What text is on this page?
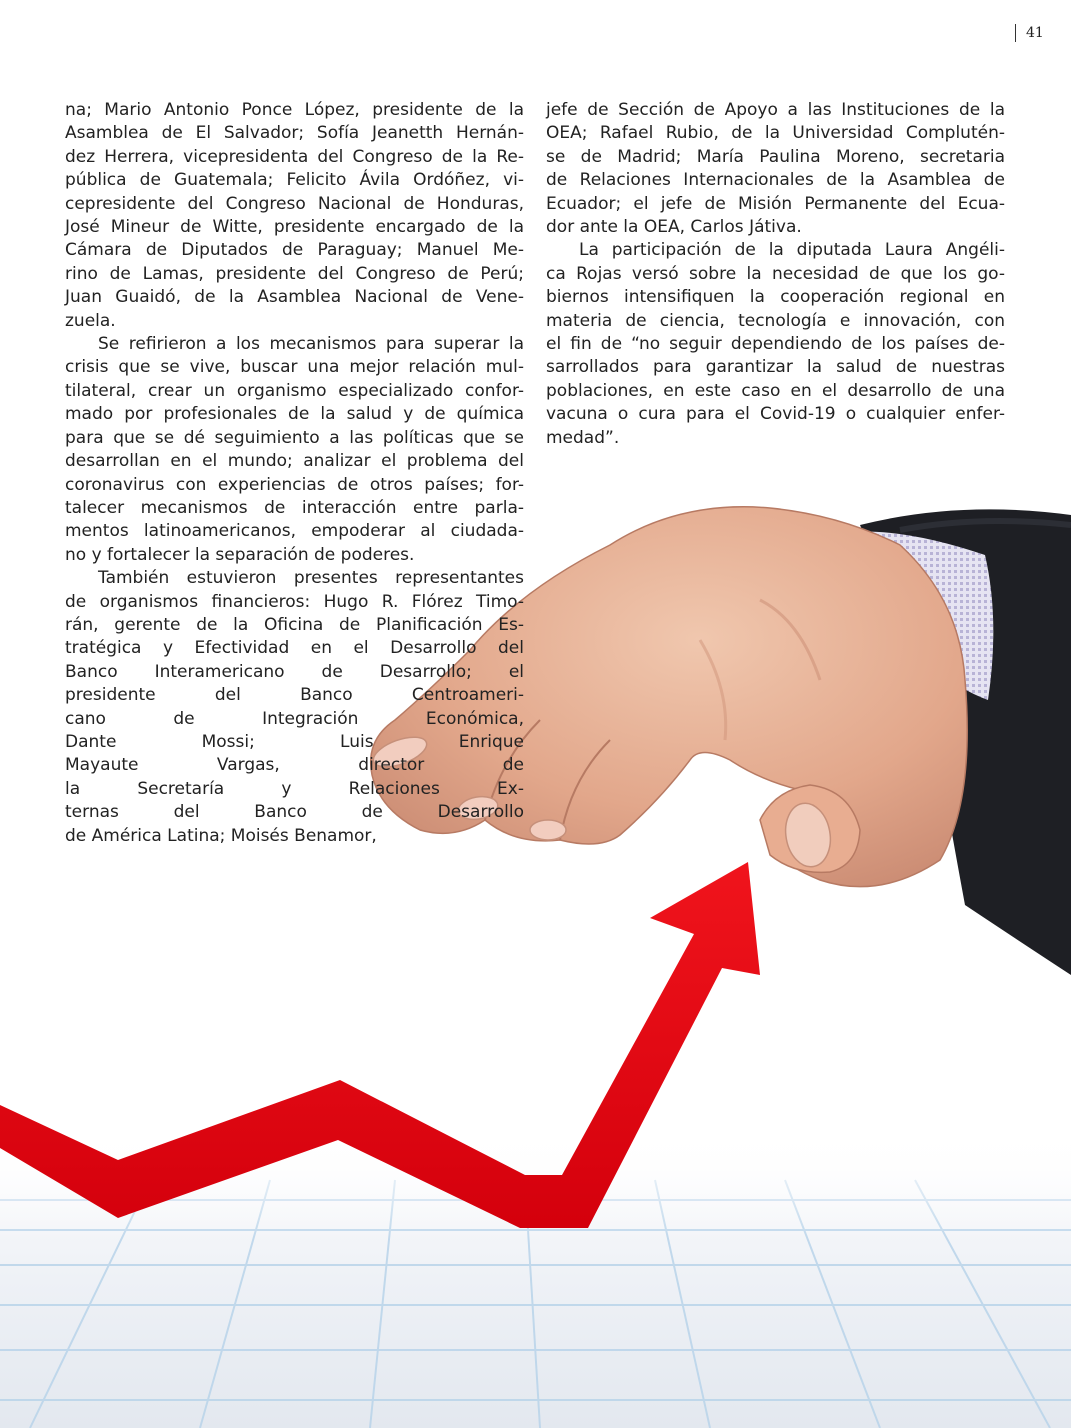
41
na; Mario Antonio Ponce López, presidente de la
Asamblea de El Salvador; Sofía Jeanetth Hernán-
dez Herrera, vicepresidenta del Congreso de la Re-
pública de Guatemala; Felicito Ávila Ordóñez, vi-
cepresidente del Congreso Nacional de Honduras,
José Mineur de Witte, presidente encargado de la
Cámara de Diputados de Paraguay; Manuel Me-
rino de Lamas, presidente del Congreso de Perú;
Juan Guaidó, de la Asamblea Nacional de Vene-
zuela.
Se refirieron a los mecanismos para superar la
crisis que se vive, buscar una mejor relación mul-
tilateral, crear un organismo especializado confor-
mado por profesionales de la salud y de química
para que se dé seguimiento a las políticas que se
desarrollan en el mundo; analizar el problema del
coronavirus con experiencias de otros países; for-
talecer mecanismos de interacción entre parla-
mentos latinoamericanos, empoderar al ciudada-
no y fortalecer la separación de poderes.
También estuvieron presentes representantes
de organismos financieros: Hugo R. Flórez Timo-
rán, gerente de la Oficina de Planificación Es-
tratégica y Efectividad en el Desarrollo del
Banco Interamericano de Desarrollo; el
presidente del Banco Centroameri-
cano de Integración Económica,
Dante Mossi; Luis Enrique
Mayaute Vargas, director de
la Secretaría y Relaciones Ex-
ternas del Banco de Desarrollo
de América Latina; Moisés Benamor,
jefe de Sección de Apoyo a las Instituciones de la
OEA; Rafael Rubio, de la Universidad Complutén-
se de Madrid; María Paulina Moreno, secretaria
de Relaciones Internacionales de la Asamblea de
Ecuador; el jefe de Misión Permanente del Ecua-
dor ante la OEA, Carlos Játiva.
La participación de la diputada Laura Angéli-
ca Rojas versó sobre la necesidad de que los go-
biernos intensifiquen la cooperación regional en
materia de ciencia, tecnología e innovación, con
el fin de “no seguir dependiendo de los países de-
sarrollados para garantizar la salud de nuestras
poblaciones, en este caso en el desarrollo de una
vacuna o cura para el Covid-19 o cualquier enfer-
medad”.
